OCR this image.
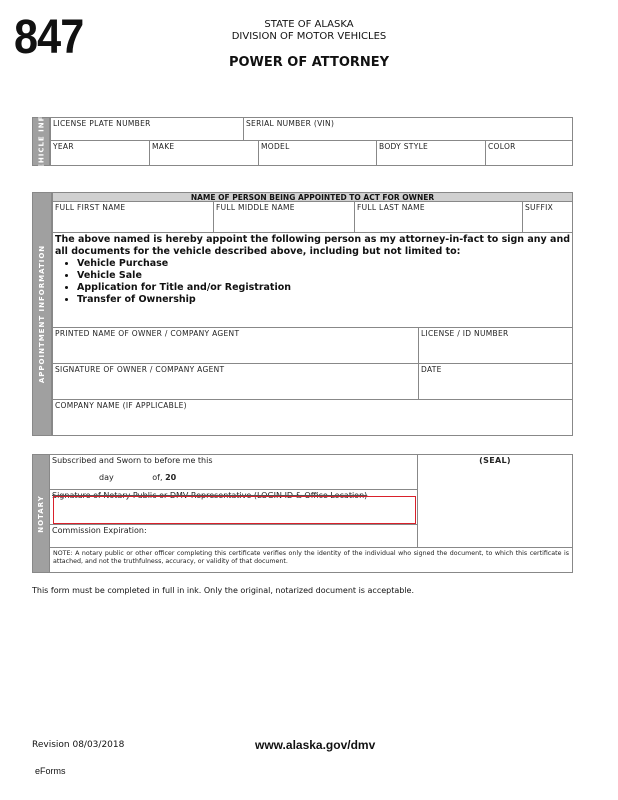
847	STATE OF ALASKA
DIVISION OF MOTOR VEHICLES
POWER OF ATTORNEY
VEHICLE INFO	LICENSE PLATE NUMBER	SERIAL NUMBER (VIN)
YEAR	MAKE	MODEL	BODY STYLE	COLOR
APPOINTMENT INFORMATION
NAME OF PERSON BEING APPOINTED TO ACT FOR OWNER
FULL FIRST NAME	FULL MIDDLE NAME	FULL LAST NAME	SUFFIX
The above named is hereby appoint the following person as my attorney-in-fact to sign any and all documents for the vehicle described above, including but not limited to:
• Vehicle Purchase
• Vehicle Sale
• Application for Title and/or Registration
• Transfer of Ownership
PRINTED NAME OF OWNER / COMPANY AGENT	LICENSE / ID NUMBER
SIGNATURE OF OWNER / COMPANY AGENT	DATE
COMPANY NAME (IF APPLICABLE)
NOTARY
Subscribed and Sworn to before me this
day	of, 20
Signature of Notary Public or DMV Representative (LOGIN ID & Office Location)
Commission Expiration:
(SEAL)
NOTE: A notary public or other officer completing this certificate verifies only the identity of the individual who signed the document, to which this certificate is attached, and not the truthfulness, accuracy, or validity of that document.
This form must be completed in full in ink. Only the original, notarized document is acceptable.
Revision 08/03/2018	www.alaska.gov/dmv
eForms
